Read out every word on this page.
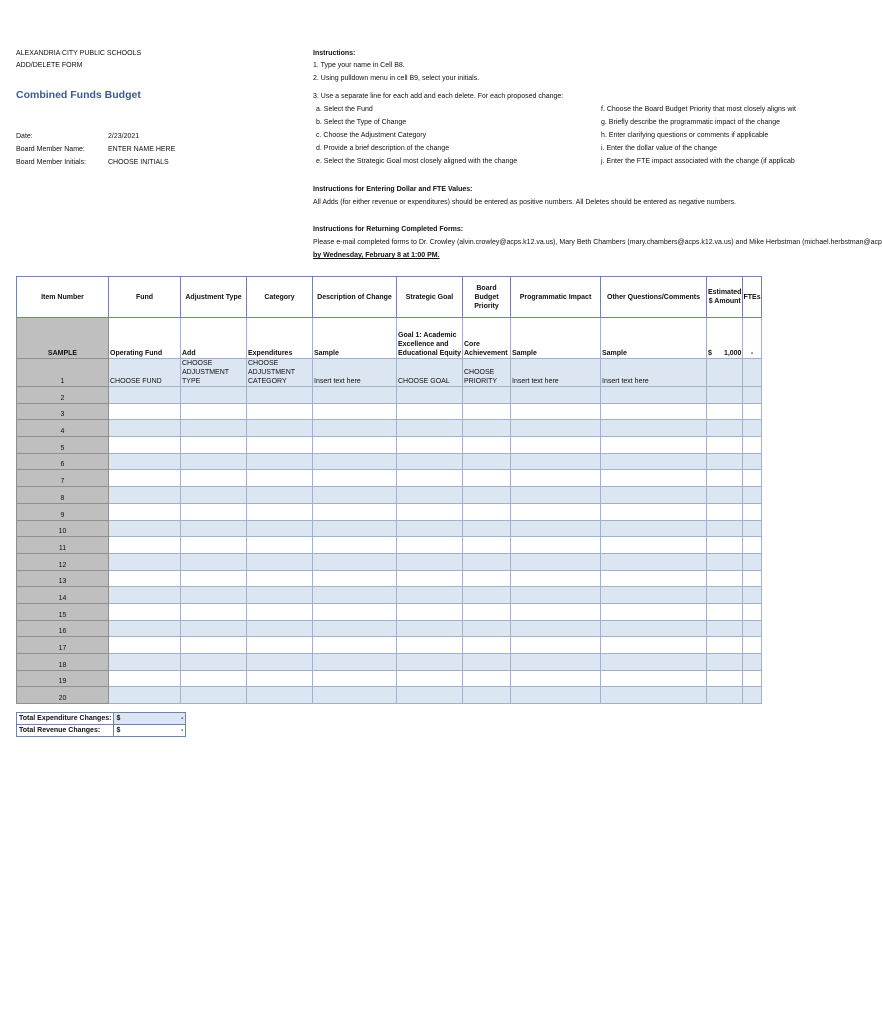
ALEXANDRIA CITY PUBLIC SCHOOLS
ADD/DELETE FORM
Combined Funds Budget
Date:	2/23/2021
Board Member Name:	ENTER NAME HERE
Board Member Initials:	CHOOSE INITIALS
Instructions:
1. Type your name in Cell B8.
2. Using pulldown menu in cell B9, select your initials.
3. Use a separate line for each add and each delete. For each proposed change:
a. Select the Fund
b. Select the Type of Change
c. Choose the Adjustment Category
d. Provide a brief description of the change
e. Select the Strategic Goal most closely aligned with the change
f. Choose the Board Budget Priority that most closely aligns wit
g. Briefly describe the programmatic impact of the change
h. Enter clarifying questions or comments if applicable
i. Enter the dollar value of the change
j. Enter the FTE impact associated with the change (if applicab
Instructions for Entering Dollar and FTE Values:
All Adds (for either revenue or expenditures) should be entered as positive numbers. All Deletes should be entered as negative numbers.
Instructions for Returning Completed Forms:
Please e-mail completed forms to Dr. Crowley (alvin.crowley@acps.k12.va.us), Mary Beth Chambers (mary.chambers@acps.k12.va.us) and Mike Herbstman (michael.herbstman@acp
by Wednesday, February 8 at 1:00 PM.
Item Number	Fund	Adjustment Type	Category	Description of Change	Strategic Goal	Board Budget Priority	Programmatic Impact	Other Questions/Comments	Estimated $ Amount	FTEs
SAMPLE	Operating Fund	Add	Expenditures	Sample	Goal 1: Academic Excellence and Educational Equity	Core Achievement	Sample	Sample	$ 1,000	-
1	CHOOSE FUND	CHOOSE ADJUSTMENT TYPE	CHOOSE ADJUSTMENT CATEGORY	Insert text here	CHOOSE GOAL	CHOOSE PRIORITY	Insert text here	Insert text here		
2										
3										
4										
5										
6										
7										
8										
9										
10										
11										
12										
13										
14										
15										
16										
17										
18										
19										
20										
Total Expenditure Changes:	$ -

Total Revenue Changes:	$ -
